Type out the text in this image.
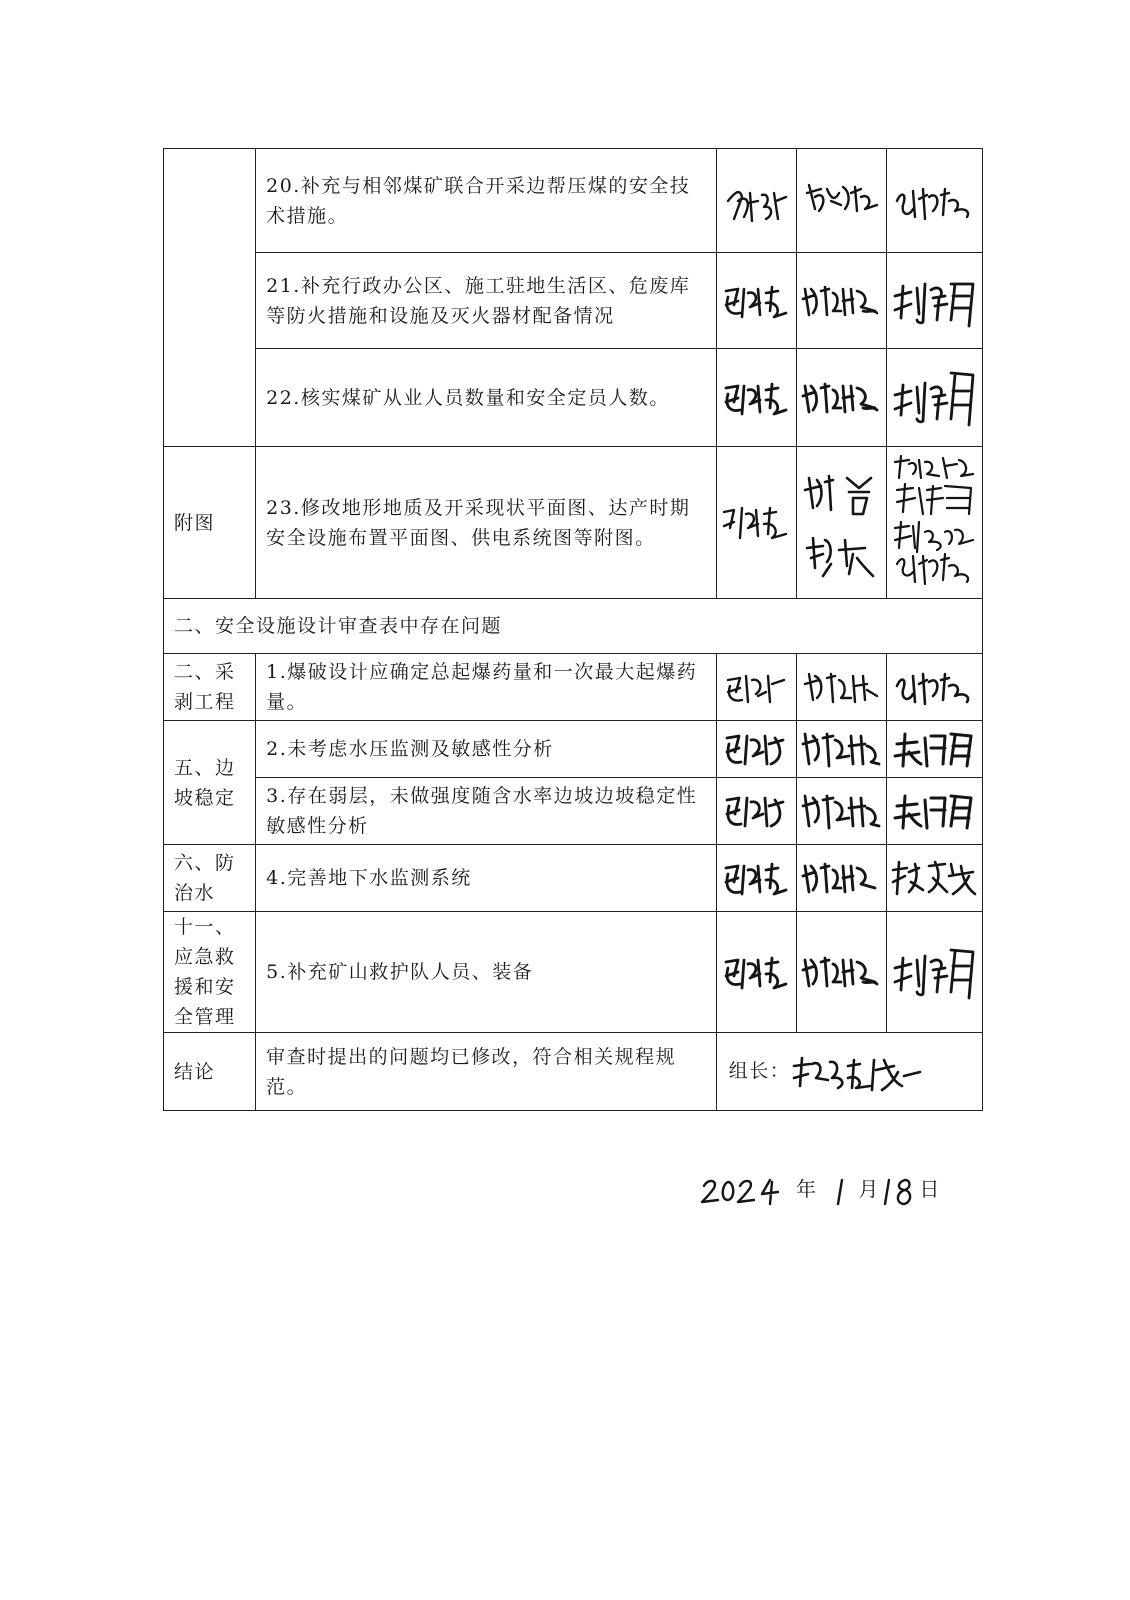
	20.补充与相邻煤矿联合开采边帮压煤的安全技术措施。	

	21.补充行政办公区、施工驻地生活区、危废库等防火措施和设施及灭火器材配备情况	

	22.核实煤矿从业人员数量和安全定员人数。	

附图	23.修改地形地质及开采现状平面图、达产时期安全设施布置平面图、供电系统图等附图。	

二、安全设施设计审查表中存在问题				
二、采剥工程	1.爆破设计应确定总起爆药量和一次最大起爆药量。	

五、边坡稳定	2.未考虑水压监测及敏感性分析	

	3.存在弱层，未做强度随含水率边坡边坡稳定性敏感性分析	

六、防治水	4.完善地下水监测系统	

十一、应急救援和安全管理	5.补充矿山救护队人员、装备	

结论	审查时提出的问题均已修改，符合相关规程规范。	组长：		
年 月 日
